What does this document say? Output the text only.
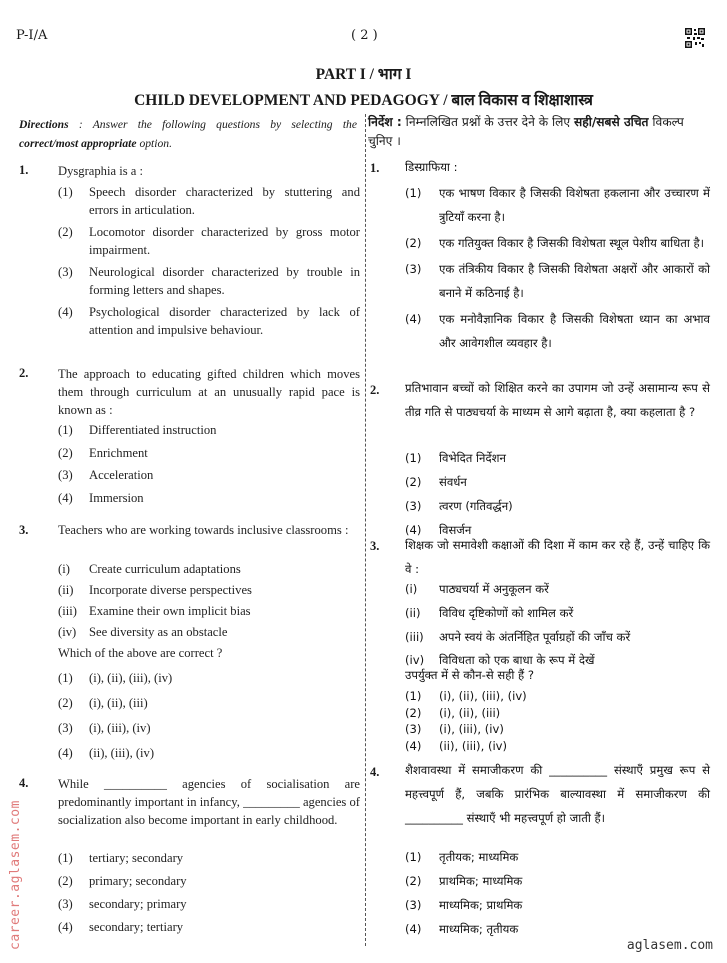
P-I/A	( 2 )
PART I / भाग I
CHILD DEVELOPMENT AND PEDAGOGY / बाल विकास व शिक्षाशास्त्र
Directions : Answer the following questions by selecting the correct/most appropriate option.
निर्देश : निम्नलिखित प्रश्नों के उत्तर देने के लिए सही/सबसे उचित विकल्प चुनिए ।
1. Dysgraphia is a :
(1)	Speech disorder characterized by stuttering and errors in articulation.
(2)	Locomotor disorder characterized by gross motor impairment.
(3)	Neurological disorder characterized by trouble in forming letters and shapes.
(4)	Psychological disorder characterized by lack of attention and impulsive behaviour.
2. The approach to educating gifted children which moves them through curriculum at an unusually rapid pace is known as :
(1)	Differentiated instruction
(2)	Enrichment
(3)	Acceleration
(4)	Immersion
3. Teachers who are working towards inclusive classrooms :
(i)	Create curriculum adaptations
(ii)	Incorporate diverse perspectives
(iii) Examine their own implicit bias
(iv)	See diversity as an obstacle
Which of the above are correct ?
(1)	(i), (ii), (iii), (iv)
(2)	(i), (ii), (iii)
(3)	(i), (iii), (iv)
(4)	(ii), (iii), (iv)
4. While __________ agencies of socialisation are predominantly important in infancy, _________ agencies of socialization also become important in early childhood.
(1)	tertiary; secondary
(2)	primary; secondary
(3)	secondary; primary
(4)	secondary; tertiary
1. डिस्ग्राफिया :
(1)	एक भाषण विकार है जिसकी विशेषता हकलाना और उच्चारण में त्रुटियाँ करना है।
(2)	एक गतियुक्त विकार है जिसकी विशेषता स्थूल पेशीय बाधिता है।
(3)	एक तंत्रिकीय विकार है जिसकी विशेषता अक्षरों और आकारों को बनाने में कठिनाई है।
(4)	एक मनोवैज्ञानिक विकार है जिसकी विशेषता ध्यान का अभाव और आवेगशील व्यवहार है।
2. प्रतिभावान बच्चों को शिक्षित करने का उपागम जो उन्हें असामान्य रूप से तीव्र गति से पाठ्यचर्या के माध्यम से आगे बढ़ाता है, क्या कहलाता है ?
(1)	विभेदित निर्देशन
(2)	संवर्धन
(3)	त्वरण (गतिवर्द्धन)
(4)	विसर्जन
3. शिक्षक जो समावेशी कक्षाओं की दिशा में काम कर रहे हैं, उन्हें चाहिए कि वे :
(i)	पाठ्यचर्या में अनुकूलन करें
(ii)	विविध दृष्टिकोणों को शामिल करें
(iii)	अपने स्वयं के अंतर्निहित पूर्वाग्रहों की जाँच करें
(iv)	विविधता को एक बाधा के रूप में देखें
उपर्युक्त में से कौन-से सही हैं ?
(1)	(i), (ii), (iii), (iv)
(2)	(i), (ii), (iii)
(3)	(i), (iii), (iv)
(4)	(ii), (iii), (iv)
4. शैशवावस्था में समाजीकरण की __________ संस्थाएँ प्रमुख रूप से महत्त्वपूर्ण हैं, जबकि प्रारंभिक बाल्यावस्था में समाजीकरण की __________ संस्थाएँ भी महत्त्वपूर्ण हो जाती हैं।
(1)	तृतीयक; माध्यमिक
(2)	प्राथमिक; माध्यमिक
(3)	माध्यमिक; प्राथमिक
(4)	माध्यमिक; तृतीयक
career.aglasem.com	aglasem.com
